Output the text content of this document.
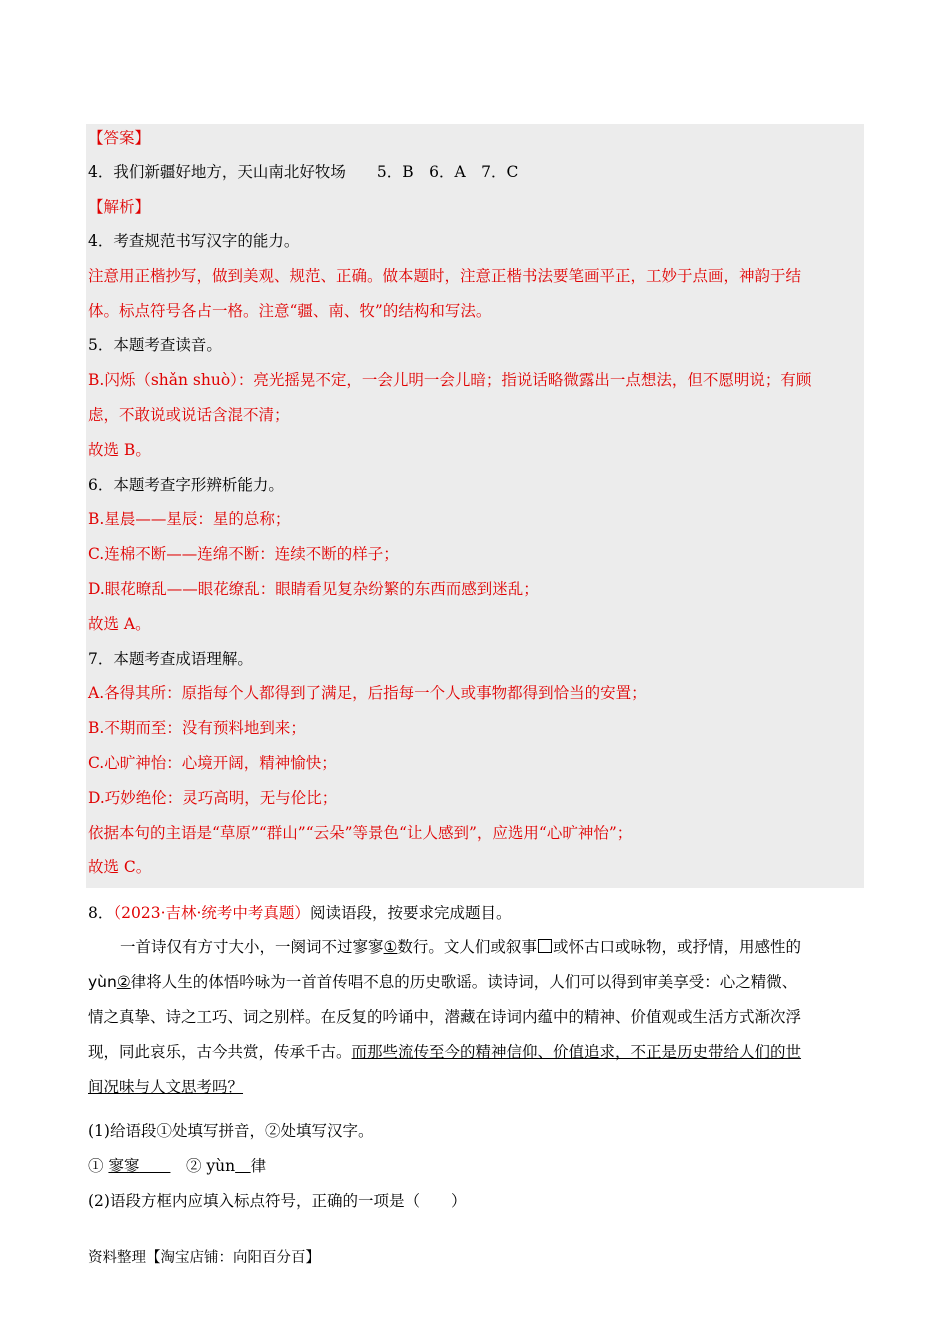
【答案】
4．我们新疆好地方，天山南北好牧场　　5．B　6．A　7．C
【解析】
4．考查规范书写汉字的能力。
注意用正楷抄写，做到美观、规范、正确。做本题时，注意正楷书法要笔画平正，工妙于点画，神韵于结
体。标点符号各占一格。注意“疆、南、牧”的结构和写法。
5．本题考查读音。
B.闪烁（shǎn shuò）：亮光摇晃不定，一会儿明一会儿暗；指说话略微露出一点想法，但不愿明说；有顾
虑，不敢说或说话含混不清；
故选 B。
6．本题考查字形辨析能力。
B.星晨——星辰：星的总称；
C.连棉不断——连绵不断：连续不断的样子；
D.眼花暸乱——眼花缭乱：眼睛看见复杂纷繁的东西而感到迷乱；
故选 A。
7．本题考查成语理解。
A.各得其所：原指每个人都得到了满足，后指每一个人或事物都得到恰当的安置；
B.不期而至：没有预料地到来；
C.心旷神怡：心境开阔，精神愉快；
D.巧妙绝伦：灵巧高明，无与伦比；
依据本句的主语是“草原”“群山”“云朵”等景色“让人感到”，应选用“心旷神怡”；
故选 C。
8．（2023·吉林·统考中考真题）阅读语段，按要求完成题目。
一首诗仅有方寸大小，一阕词不过寥寥①数行。文人们或叙事 或怀古口或咏物，或抒情，用感性的
yùn②律将人生的体悟吟咏为一首首传唱不息的历史歌谣。读诗词，人们可以得到审美享受：心之精微、
情之真挚、诗之工巧、词之别样。在反复的吟诵中，潜藏在诗词内蕴中的精神、价值观或生活方式渐次浮
现，同此哀乐，古今共赏，传承千古。而那些流传至今的精神信仰、价值追求，不正是历史带给人们的世
间况味与人文思考吗？
(1)给语段①处填写拼音，②处填写汉字。
① 寥寥   	② yùn  律
(2)语段方框内应填入标点符号，正确的一项是（　　）
资料整理【淘宝店铺：向阳百分百】
